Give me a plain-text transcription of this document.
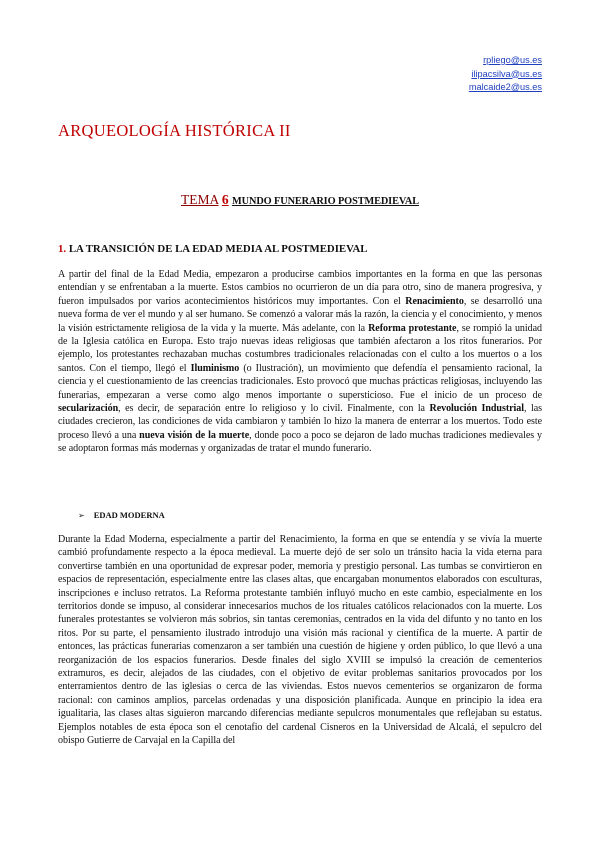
rpliego@us.es
ilipacsilva@us.es
malcaide2@us.es
ARQUEOLOGÍA HISTÓRICA II
TEMA 6 MUNDO FUNERARIO POSTMEDIEVAL
1. LA TRANSICIÓN DE LA EDAD MEDIA AL POSTMEDIEVAL

A partir del final de la Edad Media, empezaron a producirse cambios importantes en la forma en que las personas entendían y se enfrentaban a la muerte. Estos cambios no ocurrieron de un día para otro, sino de manera progresiva, y fueron impulsados por varios acontecimientos históricos muy importantes. Con el Renacimiento, se desarrolló una nueva forma de ver el mundo y al ser humano. Se comenzó a valorar más la razón, la ciencia y el conocimiento, y menos la visión estrictamente religiosa de la vida y la muerte. Más adelante, con la Reforma protestante, se rompió la unidad de la Iglesia católica en Europa. Esto trajo nuevas ideas religiosas que también afectaron a los ritos funerarios. Por ejemplo, los protestantes rechazaban muchas costumbres tradicionales relacionadas con el culto a los muertos o a los santos. Con el tiempo, llegó el Iluminismo (o Ilustración), un movimiento que defendía el pensamiento racional, la ciencia y el cuestionamiento de las creencias tradicionales. Esto provocó que muchas prácticas religiosas, incluyendo las funerarias, empezaran a verse como algo menos importante o supersticioso. Fue el inicio de un proceso de secularización, es decir, de separación entre lo religioso y lo civil. Finalmente, con la Revolución Industrial, las ciudades crecieron, las condiciones de vida cambiaron y también lo hizo la manera de enterrar a los muertos. Todo este proceso llevó a una nueva visión de la muerte, donde poco a poco se dejaron de lado muchas tradiciones medievales y se adoptaron formas más modernas y organizadas de tratar el mundo funerario.

➢ EDAD MODERNA

Durante la Edad Moderna, especialmente a partir del Renacimiento, la forma en que se entendía y se vivía la muerte cambió profundamente respecto a la época medieval. La muerte dejó de ser solo un tránsito hacia la vida eterna para convertirse también en una oportunidad de expresar poder, memoria y prestigio personal. Las tumbas se convirtieron en espacios de representación, especialmente entre las clases altas, que encargaban monumentos elaborados con esculturas, inscripciones e incluso retratos. La Reforma protestante también influyó mucho en este cambio, especialmente en los territorios donde se impuso, al considerar innecesarios muchos de los rituales católicos relacionados con la muerte. Los funerales protestantes se volvieron más sobrios, sin tantas ceremonias, centrados en la vida del difunto y no tanto en los ritos. Por su parte, el pensamiento ilustrado introdujo una visión más racional y científica de la muerte. A partir de entonces, las prácticas funerarias comenzaron a ser también una cuestión de higiene y orden público, lo que llevó a una reorganización de los espacios funerarios. Desde finales del siglo XVIII se impulsó la creación de cementerios extramuros, es decir, alejados de las ciudades, con el objetivo de evitar problemas sanitarios provocados por los enterramientos dentro de las iglesias o cerca de las viviendas. Estos nuevos cementerios se organizaron de forma racional: con caminos amplios, parcelas ordenadas y una disposición planificada. Aunque en principio la idea era igualitaria, las clases altas siguieron marcando diferencias mediante sepulcros monumentales que reflejaban su estatus. Ejemplos notables de esta época son el cenotafio del cardenal Cisneros en la Universidad de Alcalá, el sepulcro del obispo Gutierre de Carvajal en la Capilla del
